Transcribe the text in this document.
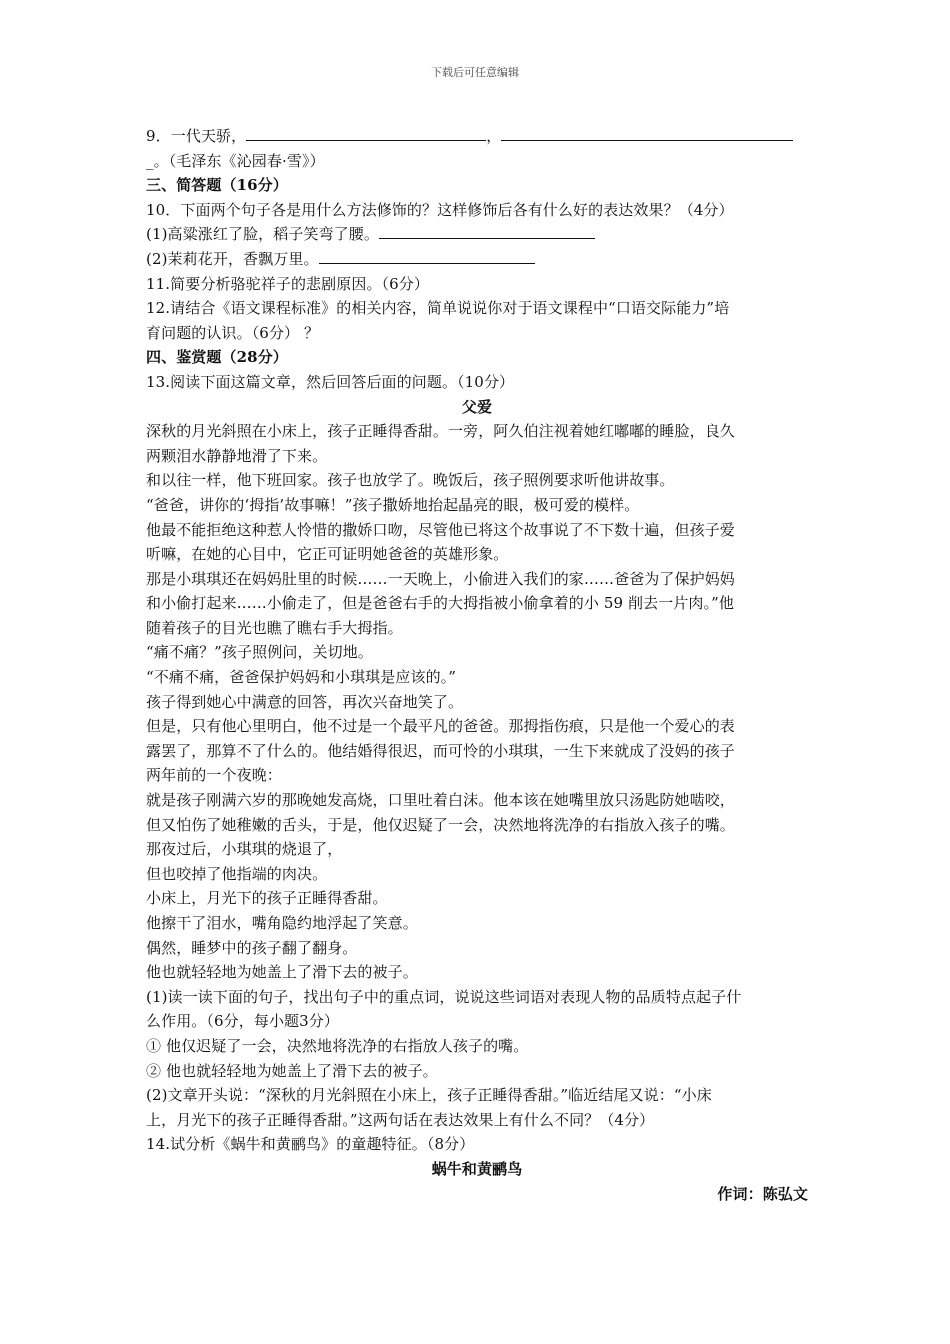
下载后可任意编辑
9．一代天骄，	，
_。（毛泽东《沁园春·雪》）
三、简答题（16分）
10．下面两个句子各是用什么方法修饰的？这样修饰后各有什么好的表达效果？（4分）
(1)高粱涨红了脸，稻子笑弯了腰。
(2)茉莉花开，香飘万里。
11.简要分析骆驼祥子的悲剧原因。（6分）
12.请结合《语文课程标准》的相关内容，简单说说你对于语文课程中“口语交际能力”培
育问题的认识。（6分） ？
四、鉴赏题（28分）
13.阅读下面这篇文章，然后回答后面的问题。（10分）
父爱
深秋的月光斜照在小床上，孩子正睡得香甜。一旁，阿久伯注视着她红嘟嘟的睡脸，良久
两颗泪水静静地滑了下来。
和以往一样，他下班回家。孩子也放学了。晚饭后，孩子照例要求听他讲故事。
“爸爸，讲你的‘拇指’故事嘛！”孩子撒娇地抬起晶亮的眼，极可爱的模样。
他最不能拒绝这种惹人怜惜的撒娇口吻，尽管他已将这个故事说了不下数十遍，但孩子爱
听嘛，在她的心目中，它正可证明她爸爸的英雄形象。
那是小琪琪还在妈妈肚里的时候……一天晚上，小偷进入我们的家……爸爸为了保护妈妈
和小偷打起来……小偷走了，但是爸爸右手的大拇指被小偷拿着的小 59 削去一片肉。”他
随着孩子的目光也瞧了瞧右手大拇指。
“痛不痛？”孩子照例问，关切地。
“不痛不痛，爸爸保护妈妈和小琪琪是应该的。”
孩子得到她心中满意的回答，再次兴奋地笑了。
但是，只有他心里明白，他不过是一个最平凡的爸爸。那拇指伤痕，只是他一个爱心的表
露罢了，那算不了什么的。他结婚得很迟，而可怜的小琪琪，一生下来就成了没妈的孩子
两年前的一个夜晚：
就是孩子刚满六岁的那晚她发高烧，口里吐着白沫。他本该在她嘴里放只汤匙防她啮咬，
但又怕伤了她稚嫩的舌头，于是，他仅迟疑了一会，决然地将洗净的右指放入孩子的嘴。
那夜过后，小琪琪的烧退了，
但也咬掉了他指端的肉决。
小床上，月光下的孩子正睡得香甜。
他擦干了泪水，嘴角隐约地浮起了笑意。
偶然，睡梦中的孩子翻了翻身。
他也就轻轻地为她盖上了滑下去的被子。
(1)读一读下面的句子，找出句子中的重点词，说说这些词语对表现人物的品质特点起子什
么作用。（6分，每小题3分）
① 他仅迟疑了一会，决然地将洗净的右指放人孩子的嘴。
② 他也就轻轻地为她盖上了滑下去的被子。
(2)文章开头说：“深秋的月光斜照在小床上，孩子正睡得香甜。”临近结尾又说：“小床
上，月光下的孩子正睡得香甜。”这两句话在表达效果上有什么不同？（4分）
14.试分析《蜗牛和黄鹂鸟》的童趣特征。（8分）
蜗牛和黄鹂鸟
作词：陈弘文
